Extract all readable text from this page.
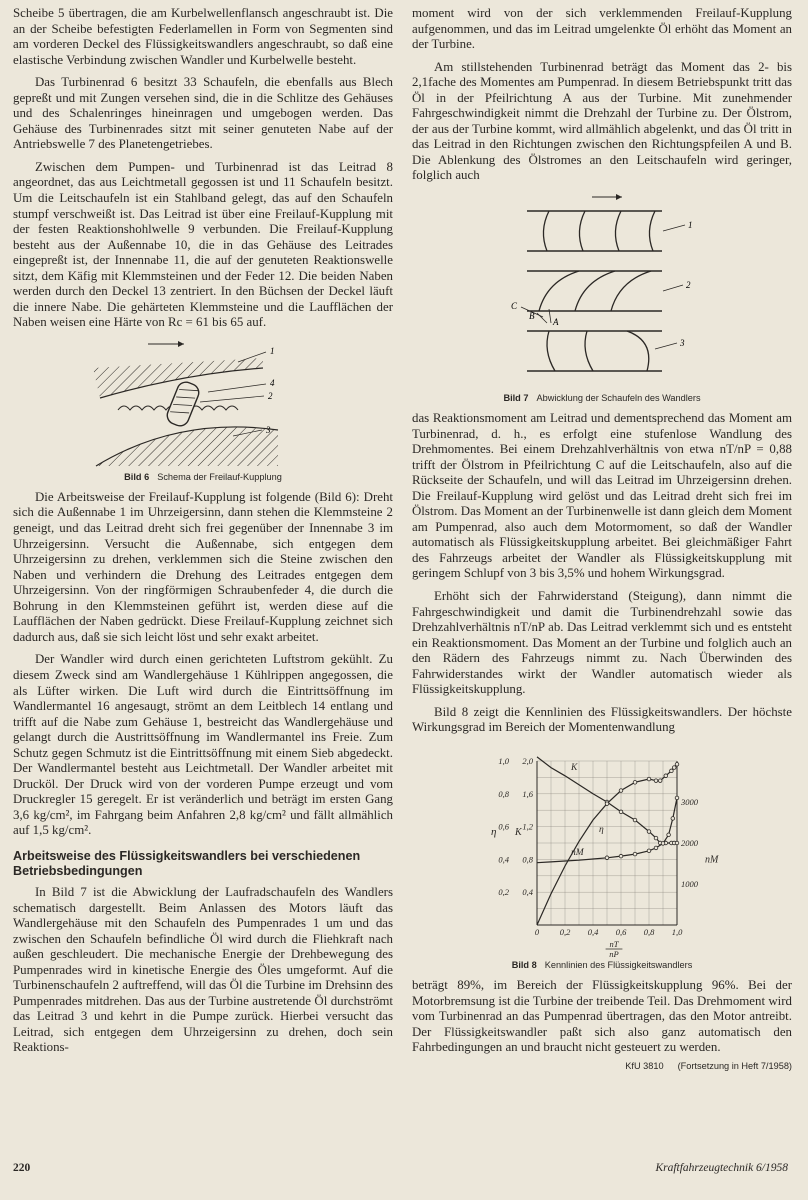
Scheibe 5 übertragen, die am Kurbelwellenflansch angeschraubt ist. Die an der Scheibe befestigten Federlamellen in Form von Segmenten sind am vorderen Deckel des Flüssigkeitswandlers angeschraubt, so daß eine elastische Verbindung zwischen Wandler und Kurbelwelle besteht.

Das Turbinenrad 6 besitzt 33 Schaufeln, die ebenfalls aus Blech gepreßt und mit Zungen versehen sind, die in die Schlitze des Gehäuses und des Schalenringes hineinragen und umgebogen werden. Das Gehäuse des Turbinenrades sitzt mit seiner genuteten Nabe auf der Antriebswelle 7 des Planetengetriebes.

Zwischen dem Pumpen- und Turbinenrad ist das Leitrad 8 angeordnet, das aus Leichtmetall gegossen ist und 11 Schaufeln besitzt. Um die Leitschaufeln ist ein Stahlband gelegt, das auf den Schaufeln stumpf verschweißt ist. Das Leitrad ist über eine Freilauf-Kupplung mit der festen Reaktionshohlwelle 9 verbunden. Die Freilauf-Kupplung besteht aus der Außennabe 10, die in das Gehäuse des Leitrades eingepreßt ist, der Innennabe 11, die auf der genuteten Reaktionswelle sitzt, dem Käfig mit Klemmsteinen und der Feder 12. Die beiden Naben werden durch den Deckel 13 zentriert. In den Büchsen der Deckel läuft die innere Nabe. Die gehärteten Klemmsteine und die Laufflächen der Naben weisen eine Härte von Rc = 61 bis 65 auf.

1
4
2
3
Bild 6 Schema der Freilauf-Kupplung

Die Arbeitsweise der Freilauf-Kupplung ist folgende (Bild 6): Dreht sich die Außennabe 1 im Uhrzeigersinn, dann stehen die Klemmsteine 2 geneigt, und das Leitrad dreht sich frei gegenüber der Innennabe 3 im Uhrzeigersinn. Versucht die Außennabe, sich entgegen dem Uhrzeigersinn zu drehen, verklemmen sich die Steine zwischen den Naben und verhindern die Drehung des Leitrades entgegen dem Uhrzeigersinn. Von der ringförmigen Schraubenfeder 4, die durch die Bohrung in den Klemmsteinen geführt ist, werden diese auf die Laufflächen der Naben gedrückt. Diese Freilauf-Kupplung zeichnet sich dadurch aus, daß sie sich leicht löst und sehr exakt arbeitet.

Der Wandler wird durch einen gerichteten Luftstrom gekühlt. Zu diesem Zweck sind am Wandlergehäuse 1 Kühlrippen angegossen, die als Lüfter wirken. Die Luft wird durch die Eintrittsöffnung im Wandlermantel 16 angesaugt, strömt an dem Leitblech 14 entlang und trifft auf die Nabe zum Gehäuse 1, bestreicht das Wandlergehäuse und gelangt durch die Austrittsöffnung im Wandlermantel ins Freie. Zum Schutz gegen Schmutz ist die Eintrittsöffnung mit einem Sieb abgedeckt. Der Wandlermantel besteht aus Leichtmetall. Der Wandler arbeitet mit Drucköl. Der Druck wird von der vorderen Pumpe erzeugt und vom Druckregler 15 geregelt. Er ist veränderlich und beträgt im ersten Gang 3,6 kg/cm², im Fahrgang beim Anfahren 2,8 kg/cm² und fällt allmählich auf 1,5 kg/cm².

Arbeitsweise des Flüssigkeitswandlers bei verschiedenen Betriebsbedingungen

In Bild 7 ist die Abwicklung der Laufradschaufeln des Wandlers schematisch dargestellt. Beim Anlassen des Motors läuft das Wandlergehäuse mit den Schaufeln des Pumpenrades 1 um und das zwischen den Schaufeln befindliche Öl wird durch die Fliehkraft nach außen geschleudert. Die mechanische Energie der Drehbewegung des Pumpenrades wird in kinetische Energie des Öles umgeformt. Auf die Turbinenschaufeln 2 auftreffend, will das Öl die Turbine im Drehsinn des Pumpenrades mitdrehen. Das aus der Turbine austretende Öl durchströmt das Leitrad 3 und kehrt in die Pumpe zurück. Hierbei versucht das Leitrad, sich entgegen dem Uhrzeigersinn zu drehen, doch sein Reaktions-

moment wird von der sich verklemmenden Freilauf-Kupplung aufgenommen, und das im Leitrad umgelenkte Öl erhöht das Moment an der Turbine.

Am stillstehenden Turbinenrad beträgt das Moment das 2- bis 2,1fache des Momentes am Pumpenrad. In diesem Betriebspunkt tritt das Öl in der Pfeilrichtung A aus der Turbine. Mit zunehmender Fahrgeschwindigkeit nimmt die Drehzahl der Turbine zu. Der Ölstrom, der aus der Turbine kommt, wird allmählich abgelenkt, und das Öl tritt in das Leitrad in den Richtungen zwischen den Richtungspfeilen A und B. Die Ablenkung des Ölstromes an den Leitschaufeln wird geringer, folglich auch

1
2
3
C
B
A
Bild 7 Abwicklung der Schaufeln des Wandlers

das Reaktionsmoment am Leitrad und dementsprechend das Moment am Turbinenrad, d. h., es erfolgt eine stufenlose Wandlung des Drehmomentes. Bei einem Drehzahlverhältnis von etwa nT/nP = 0,88 trifft der Ölstrom in Pfeilrichtung C auf die Leitschaufeln, also auf die Rückseite der Schaufeln, und will das Leitrad im Uhrzeigersinn drehen. Die Freilauf-Kupplung wird gelöst und das Leitrad dreht sich frei im Ölstrom. Das Moment an der Turbinenwelle ist dann gleich dem Moment am Pumpenrad, also auch dem Motormoment, so daß der Wandler automatisch als Flüssigkeitskupplung arbeitet. Bei gleichmäßiger Fahrt des Fahrzeugs arbeitet der Wandler als Flüssigkeitskupplung mit geringem Schlupf von 3 bis 3,5% und hohem Wirkungsgrad.

Erhöht sich der Fahrwiderstand (Steigung), dann nimmt die Fahrgeschwindigkeit und damit die Turbinendrehzahl sowie das Drehzahlverhältnis nT/nP ab. Das Leitrad verklemmt sich und es entsteht ein Reaktionsmoment. Das Moment an der Turbine und folglich auch an den Rädern des Fahrzeugs nimmt zu. Nach Überwinden des Fahrwiderstandes wirkt der Wandler automatisch wieder als Flüssigkeitskupplung.

Bild 8 zeigt die Kennlinien des Flüssigkeitswandlers. Der höchste Wirkungsgrad im Bereich der Momentenwandlung

0 0,2 0,4 0,6 0,8 1,0
0,2
0,4
0,6
0,8
1,0
0,4
0,8
1,2
1,6
2,0
1000
2000
3000
η K
nM
nT
nP
K
η
nM
Bild 8 Kennlinien des Flüssigkeitswandlers

beträgt 89%, im Bereich der Flüssigkeitskupplung 96%. Bei der Motorbremsung ist die Turbine der treibende Teil. Das Drehmoment wird vom Turbinenrad an das Pumpenrad übertragen, das den Motor antreibt. Der Flüssigkeitswandler paßt sich also ganz automatisch den Fahrbedingungen an und braucht nicht gesteuert zu werden.

KfU 3810 (Fortsetzung in Heft 7/1958)
220	Kraftfahrzeugtechnik 6/1958
